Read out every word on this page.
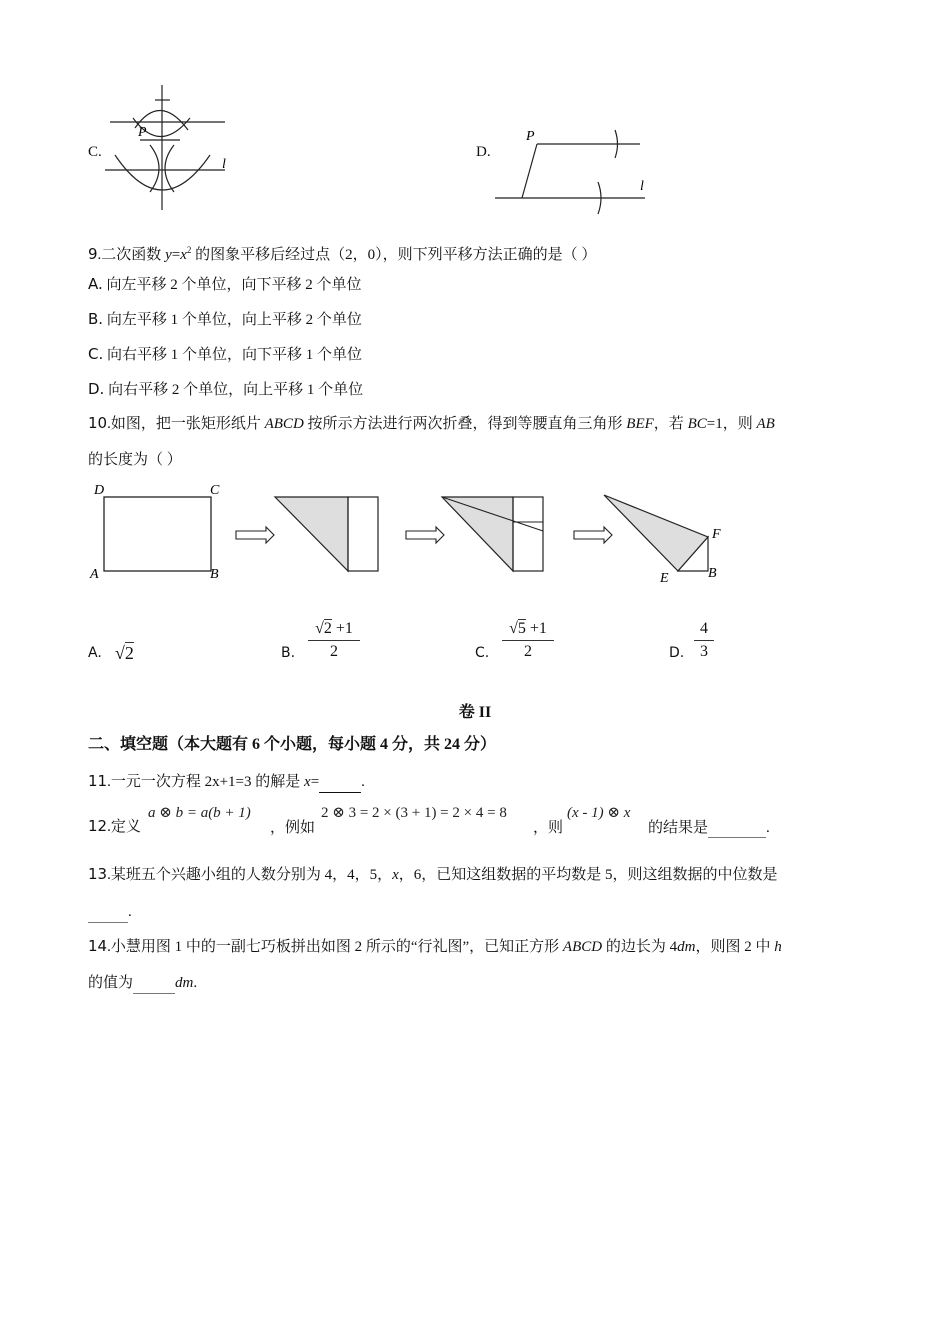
C.
P
l
D.
P
l
9.二次函数 $y=x^2$ 的图象平移后经过点（2，0），则下列平移方法正确的是（ ）
A. 向左平移 2 个单位，向下平移 2 个单位
B. 向左平移 1 个单位，向上平移 2 个单位
C. 向右平移 1 个单位，向下平移 1 个单位
D. 向右平移 2 个单位，向上平移 1 个单位
10.如图，把一张矩形纸片 ABCD 按所示方法进行两次折叠，得到等腰直角三角形 BEF，若 BC=1，则 AB
的长度为（ ）
D	C
A	B
F
B
E
A. √2	B.
√2 +1
2	C.
√5 +1
2	D.
4
3
卷 II
二、填空题（本大题有 6 个小题，每小题 4 分，共 24 分）
11.一元一次方程 2x+1=3 的解是 x=	.
12.定义
a ⊗ b = a(b + 1)
，例如
2 ⊗ 3 = 2 × (3 + 1) = 2 × 4 = 8
，则
(x - 1) ⊗ x
的结果是	.
13.某班五个兴趣小组的人数分别为 4，4，5，x，6，已知这组数据的平均数是 5，则这组数据的中位数是
.
14.小慧用图 1 中的一副七巧板拼出如图 2 所示的“行礼图”，已知正方形 ABCD 的边长为 4dm，则图 2 中 h
的值为	dm.
